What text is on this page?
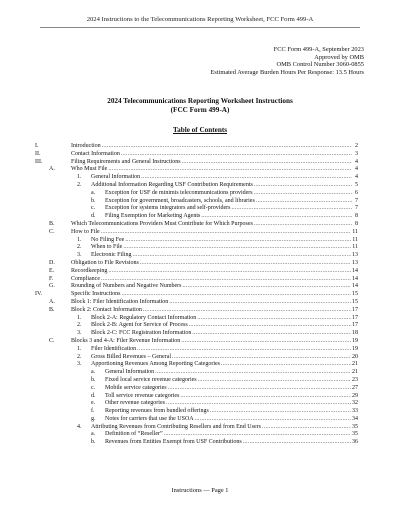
2024 Instructions to the Telecommunications Reporting Worksheet, FCC Form 499-A
FCC Form 499-A, September 2023
Approved by OMB
OMB Control Number 3060-0855
Estimated Average Burden Hours Per Response: 13.5 Hours
2024 Telecommunications Reporting Worksheet Instructions
(FCC Form 499-A)
Table of Contents
I.	Introduction .....	2
II.	Contact Information .....	3
III.	Filing Requirements and General Instructions .....	4
A.	Who Must File .....	4
1. General Information .....	4
2. Additional Information Regarding USF Contribution Requirements .....	5
a. Exception for USF de minimis telecommunications providers .....	6
b. Exception for government, broadcasters, schools, and libraries .....	7
c. Exception for systems integrators and self-providers .....	7
d. Filing Exemption for Marketing Agents .....	8
B.	Which Telecommunications Providers Must Contribute for Which Purposes .....	8
C.	How to File .....	11
1. No Filing Fee .....	11
2. When to File .....	11
3. Electronic Filing .....	13
D.	Obligation to File Revisions .....	13
E.	Recordkeeping .....	14
F.	Compliance .....	14
G.	Rounding of Numbers and Negative Numbers .....	14
IV.	Specific Instructions .....	15
A.	Block 1: Filer Identification Information .....	15
B.	Block 2: Contact Information .....	17
1. Block 2-A: Regulatory Contact Information .....	17
2. Block 2-B: Agent for Service of Process .....	17
3. Block 2-C: FCC Registration Information .....	18
C.	Blocks 3 and 4-A: Filer Revenue Information .....	19
1. Filer Identification .....	19
2. Gross Billed Revenues – General .....	20
3. Apportioning Revenues Among Reporting Categories .....	21
a. General Information .....	21
b. Fixed local service revenue categories .....	23
c. Mobile service categories .....	27
d. Toll service revenue categories .....	29
e. Other revenue categories .....	32
f. Reporting revenues from bundled offerings .....	33
g. Notes for carriers that use the USOA .....	34
4. Attributing Revenues from Contributing Resellers and from End Users .....	35
a. Definition of “Reseller” .....	35
b. Revenues from Entities Exempt from USF Contributions .....	36
Instructions — Page 1
